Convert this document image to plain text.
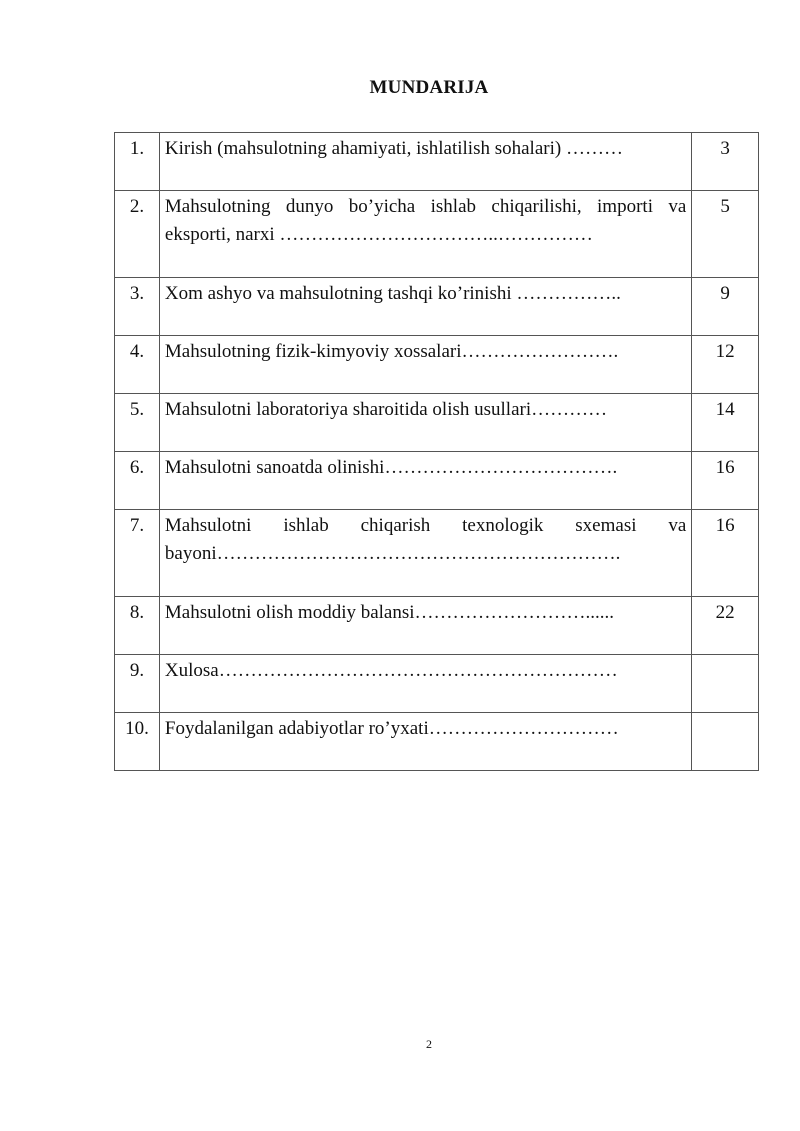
MUNDARIJA
1.	Kirish (mahsulotning ahamiyati, ishlatilish sohalari) ………	3
2.	Mahsulotning dunyo bo’yicha ishlab chiqarilishi, importi va eksporti, narxi ……………………………..……………	5
3.	Xom ashyo va mahsulotning tashqi ko’rinishi ……………..	9
4.	Mahsulotning fizik-kimyoviy xossalari…………………….	12
5.	Mahsulotni laboratoriya sharoitida olish usullari…………	14
6.	Mahsulotni sanoatda olinishi……………………………….	16
7.	Mahsulotni ishlab chiqarish texnologik sxemasi va bayoni……………………………………………………….	16
8.	Mahsulotni olish moddiy balansi………………………......	22
9.	Xulosa………………………………………………………	
10.	Foydalanilgan adabiyotlar ro’yxati…………………………	
2
